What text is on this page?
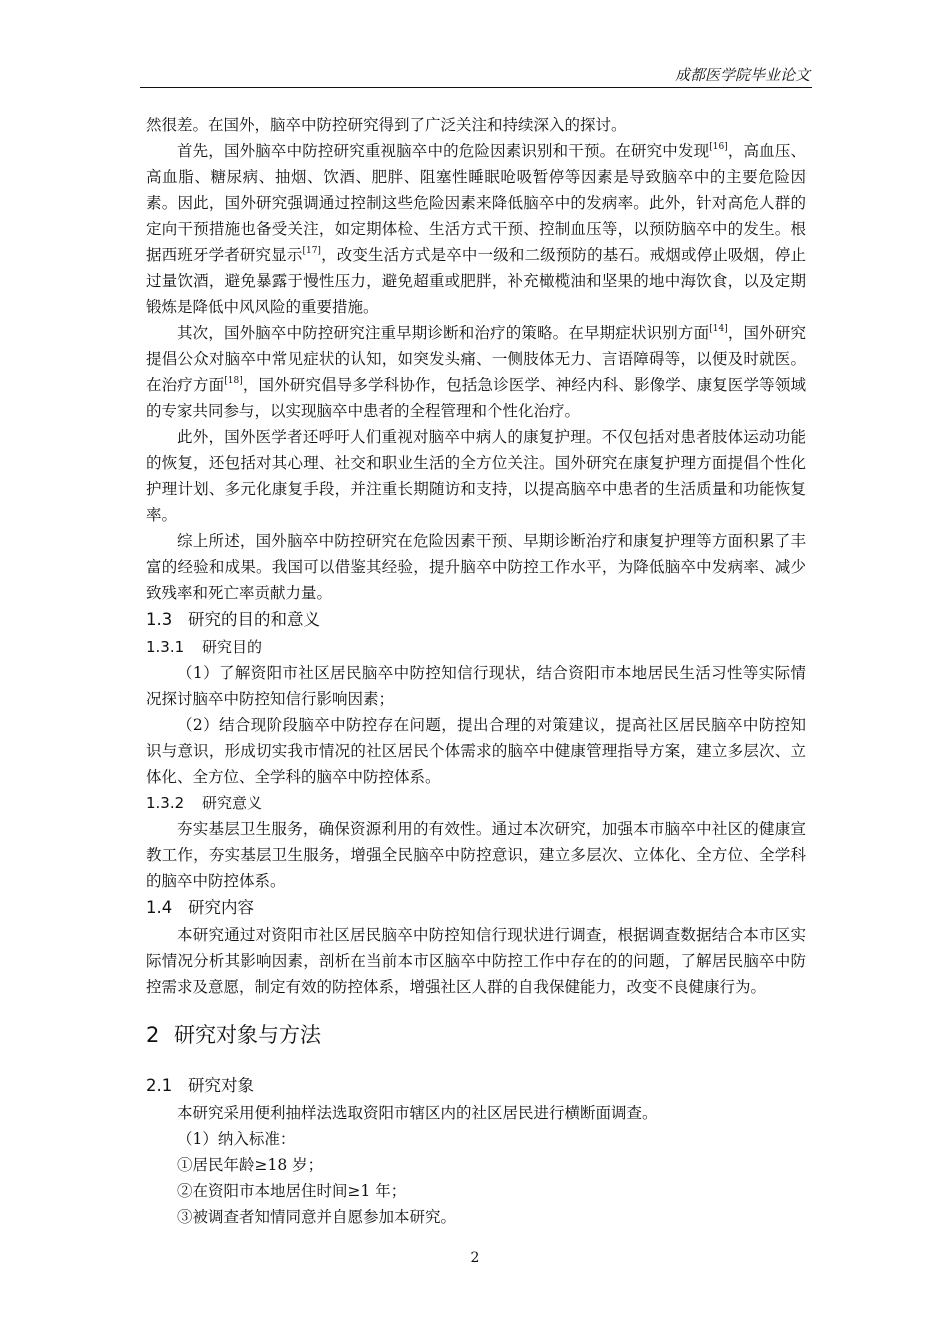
成都医学院毕业论文

然很差。在国外，脑卒中防控研究得到了广泛关注和持续深入的探讨。

首先，国外脑卒中防控研究重视脑卒中的危险因素识别和干预。在研究中发现[16]，高血压、高血脂、糖尿病、抽烟、饮酒、肥胖、阻塞性睡眠呛吸暂停等因素是导致脑卒中的主要危险因素。因此，国外研究强调通过控制这些危险因素来降低脑卒中的发病率。此外，针对高危人群的定向干预措施也备受关注，如定期体检、生活方式干预、控制血压等，以预防脑卒中的发生。根据西班牙学者研究显示[17]，改变生活方式是卒中一级和二级预防的基石。戒烟或停止吸烟，停止过量饮酒，避免暴露于慢性压力，避免超重或肥胖，补充橄榄油和坚果的地中海饮食，以及定期锻炼是降低中风风险的重要措施。

其次，国外脑卒中防控研究注重早期诊断和治疗的策略。在早期症状识别方面[14]，国外研究提倡公众对脑卒中常见症状的认知，如突发头痛、一侧肢体无力、言语障碍等，以便及时就医。在治疗方面[18]，国外研究倡导多学科协作，包括急诊医学、神经内科、影像学、康复医学等领域的专家共同参与，以实现脑卒中患者的全程管理和个性化治疗。

此外，国外医学者还呼吁人们重视对脑卒中病人的康复护理。不仅包括对患者肢体运动功能的恢复，还包括对其心理、社交和职业生活的全方位关注。国外研究在康复护理方面提倡个性化护理计划、多元化康复手段，并注重长期随访和支持，以提高脑卒中患者的生活质量和功能恢复率。

综上所述，国外脑卒中防控研究在危险因素干预、早期诊断治疗和康复护理等方面积累了丰富的经验和成果。我国可以借鉴其经验，提升脑卒中防控工作水平，为降低脑卒中发病率、减少致残率和死亡率贡献力量。

1.3 研究的目的和意义
1.3.1 研究目的

（1）了解资阳市社区居民脑卒中防控知信行现状，结合资阳市本地居民生活习性等实际情况探讨脑卒中防控知信行影响因素；

（2）结合现阶段脑卒中防控存在问题，提出合理的对策建议，提高社区居民脑卒中防控知识与意识，形成切实我市情况的社区居民个体需求的脑卒中健康管理指导方案，建立多层次、立体化、全方位、全学科的脑卒中防控体系。

1.3.2 研究意义

夯实基层卫生服务，确保资源利用的有效性。通过本次研究，加强本市脑卒中社区的健康宣教工作，夯实基层卫生服务，增强全民脑卒中防控意识，建立多层次、立体化、全方位、全学科的脑卒中防控体系。

1.4 研究内容

本研究通过对资阳市社区居民脑卒中防控知信行现状进行调查，根据调查数据结合本市区实际情况分析其影响因素，剖析在当前本市区脑卒中防控工作中存在的的问题，了解居民脑卒中防控需求及意愿，制定有效的防控体系，增强社区人群的自我保健能力，改变不良健康行为。

2 研究对象与方法
2.1 研究对象

本研究采用便利抽样法选取资阳市辖区内的社区居民进行横断面调查。

（1）纳入标准：

①居民年龄≥18 岁；

②在资阳市本地居住时间≥1 年；

③被调查者知情同意并自愿参加本研究。

2
